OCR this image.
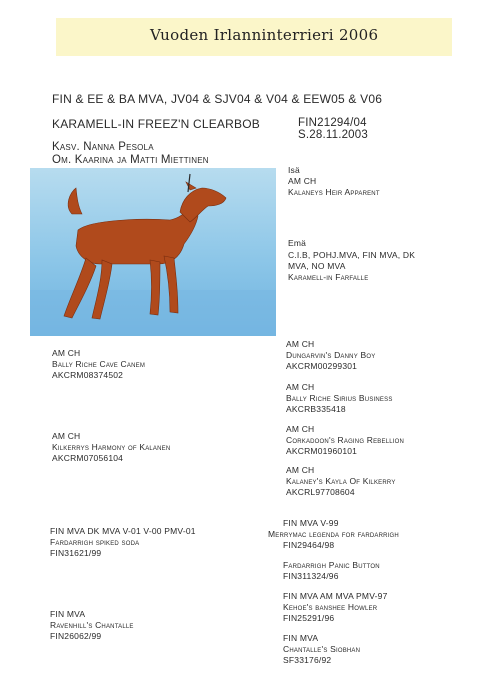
Vuoden Irlanninterrieri 2006
FIN & EE & BA MVA, JV04 & SJV04 & V04 & EEW05 & V06
KARAMELL-IN FREEZ'N CLEARBOB	FIN21294/04
S.28.11.2003
Kasv. Nanna Pesola
Om. Kaarina ja Matti Miettinen
Isä
AM CH
Kalaneys Heir Apparent
Emä
C.I.B, POHJ.MVA, FIN MVA, DK
MVA, NO MVA
Karamell-in Farfalle
AM CH
Bally Riche Cave Canem
AKCRM08374502
AM CH
Kilkerrys Harmony of Kalanen
AKCRM07056104
FIN MVA DK MVA V-01 V-00 PMV-01
Fardarrigh spiked soda
FIN31621/99
FIN MVA
Ravenhill's Chantalle
FIN26062/99
AM CH
Dungarvin's Danny Boy
AKCRM00299301
AM CH
Bally Riche Sirius Business
AKCRB335418
AM CH
Corkadoon's Raging Rebellion
AKCRM01960101
AM CH
Kalaney's Kayla Of Kilkerry
AKCRL97708604
FIN MVA V-99
Merrymac legenda for fardarrigh
FIN29464/98
Fardarrigh Panic Button
FIN311324/96
FIN MVA AM MVA PMV-97
Kehoe's banshee Howler
FIN25291/96
FIN MVA
Chantalle's Siobhan
SF33176/92
